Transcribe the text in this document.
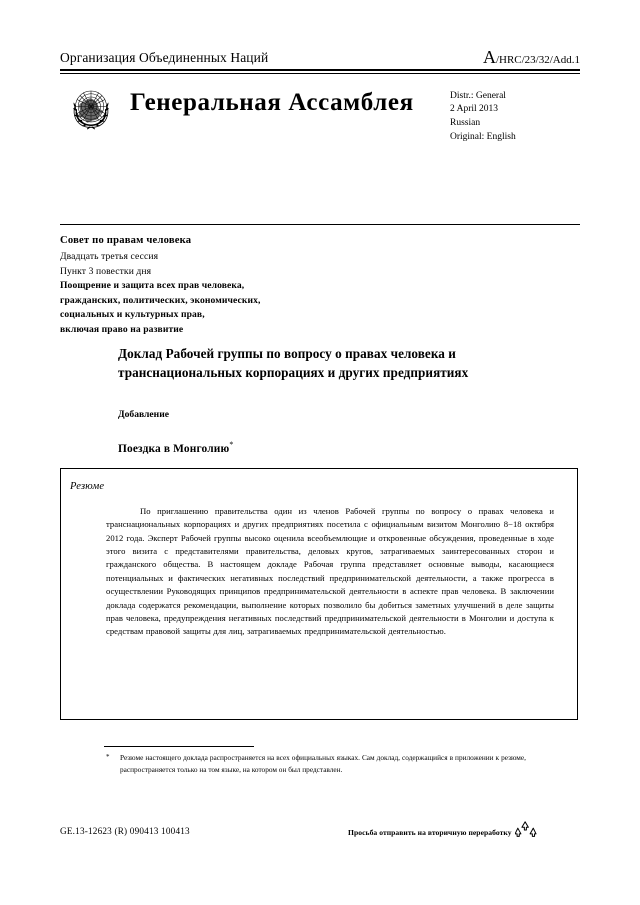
Организация Объединенных Наций	A/HRC/23/32/Add.1
Генеральная Ассамблея	Distr.: General
2 April 2013
Russian
Original: English
Совет по правам человека
Двадцать третья сессия
Пункт 3 повестки дня
Поощрение и защита всех прав человека,
гражданских, политических, экономических,
социальных и культурных прав,
включая право на развитие
Доклад Рабочей группы по вопросу о правах человека и транснациональных корпорациях и других предприятиях
Добавление
Поездка в Монголию*
Резюме
По приглашению правительства один из членов Рабочей группы по вопросу о правах человека и транснациональных корпорациях и других предприятиях посетила с официальным визитом Монголию 8−18 октября 2012 года. Эксперт Рабочей группы высоко оценила всеобъемлющие и откровенные обсуждения, проведенные в ходе этого визита с представителями правительства, деловых кругов, затрагиваемых заинтересованных сторон и гражданского общества. В настоящем докладе Рабочая группа представляет основные выводы, касающиеся потенциальных и фактических негативных последствий предпринимательской деятельности, а также прогресса в осуществлении Руководящих принципов предпринимательской деятельности в аспекте прав человека. В заключении доклада содержатся рекомендации, выполнение которых позволило бы добиться заметных улучшений в деле защиты прав человека, предупреждения негативных последствий предпринимательской деятельности в Монголии и доступа к средствам правовой защиты для лиц, затрагиваемых предпринимательской деятельностью.
*	Резюме настоящего доклада распространяется на всех официальных языках. Сам доклад, содержащийся в приложении к резюме, распространяется только на том языке, на котором он был представлен.
GE.13-12623 (R) 090413 100413	Просьба отправить на вторичную переработку
